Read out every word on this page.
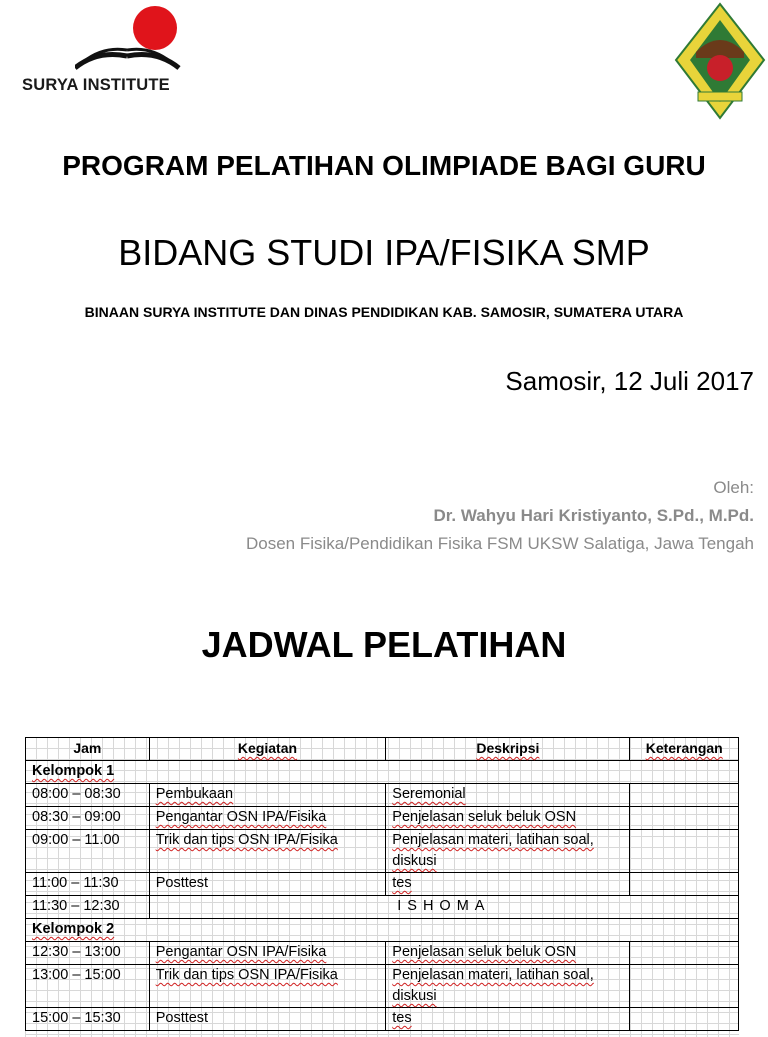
SURYA INSTITUTE
PROGRAM PELATIHAN OLIMPIADE BAGI GURU
BIDANG STUDI IPA/FISIKA SMP
BINAAN SURYA INSTITUTE DAN DINAS PENDIDIKAN KAB. SAMOSIR, SUMATERA UTARA
Samosir, 12 Juli 2017
Oleh:
Dr. Wahyu Hari Kristiyanto, S.Pd., M.Pd.
Dosen Fisika/Pendidikan Fisika FSM UKSW Salatiga, Jawa Tengah
JADWAL PELATIHAN
Jam	Kegiatan	Deskripsi	Keterangan
Kelompok 1			
08:00 – 08:30	Pembukaan	Seremonial	
08:30 – 09:00	Pengantar OSN IPA/Fisika	Penjelasan seluk beluk OSN	
09:00 – 11.00	Trik dan tips OSN IPA/Fisika	Penjelasan materi, latihan soal, diskusi	
11:00 – 11:30	Posttest	tes	
11:30 – 12:30	ISHOMA		
Kelompok 2			
12:30 – 13:00	Pengantar OSN IPA/Fisika	Penjelasan seluk beluk OSN	
13:00 – 15:00	Trik dan tips OSN IPA/Fisika	Penjelasan materi, latihan soal, diskusi	
15:00 – 15:30	Posttest	tes	
